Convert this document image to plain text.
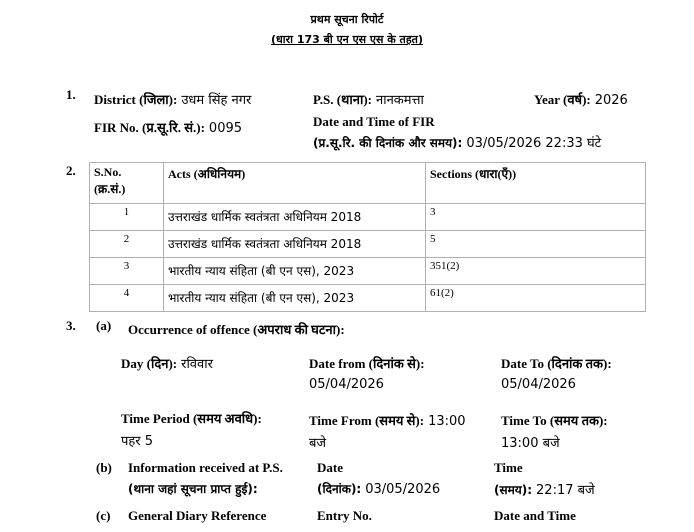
प्रथम सूचना रिपोर्ट
(धारा 173 बी एन एस एस के तहत)
1. District (जिला): उधम सिंह नगर	P.S. (थाना): नानकमत्ता	Year (वर्ष): 2026
FIR No. (प्र.सू.रि. सं.): 0095	Date and Time of FIR
(प्र.सू.रि. की दिनांक और समय): 03/05/2026 22:33 घंटे
2. S.No.
(क्र.सं.)	Acts (अधिनियम)	Sections (धारा(एँ))
1	उत्तराखंड धार्मिक स्वतंत्रता अधिनियम 2018	3
2	उत्तराखंड धार्मिक स्वतंत्रता अधिनियम 2018	5
3	भारतीय न्याय संहिता (बी एन एस), 2023	351(2)
4	भारतीय न्याय संहिता (बी एन एस), 2023	61(2)
3. (a) Occurrence of offence (अपराध की घटना):
Day (दिन): रविवार	Date from (दिनांक से):
05/04/2026
Date To (दिनांक तक):
05/04/2026
Time Period (समय अवधि):
पहर 5
Time From (समय से): 13:00
बजे
Time To (समय तक):
13:00 बजे
(b) Information received at P.S.
(थाना जहां सूचना प्राप्त हुई):
Date
(दिनांक): 03/05/2026
Time
(समय): 22:17 बजे
(c) General Diary Reference	Entry No.	Date and Time
